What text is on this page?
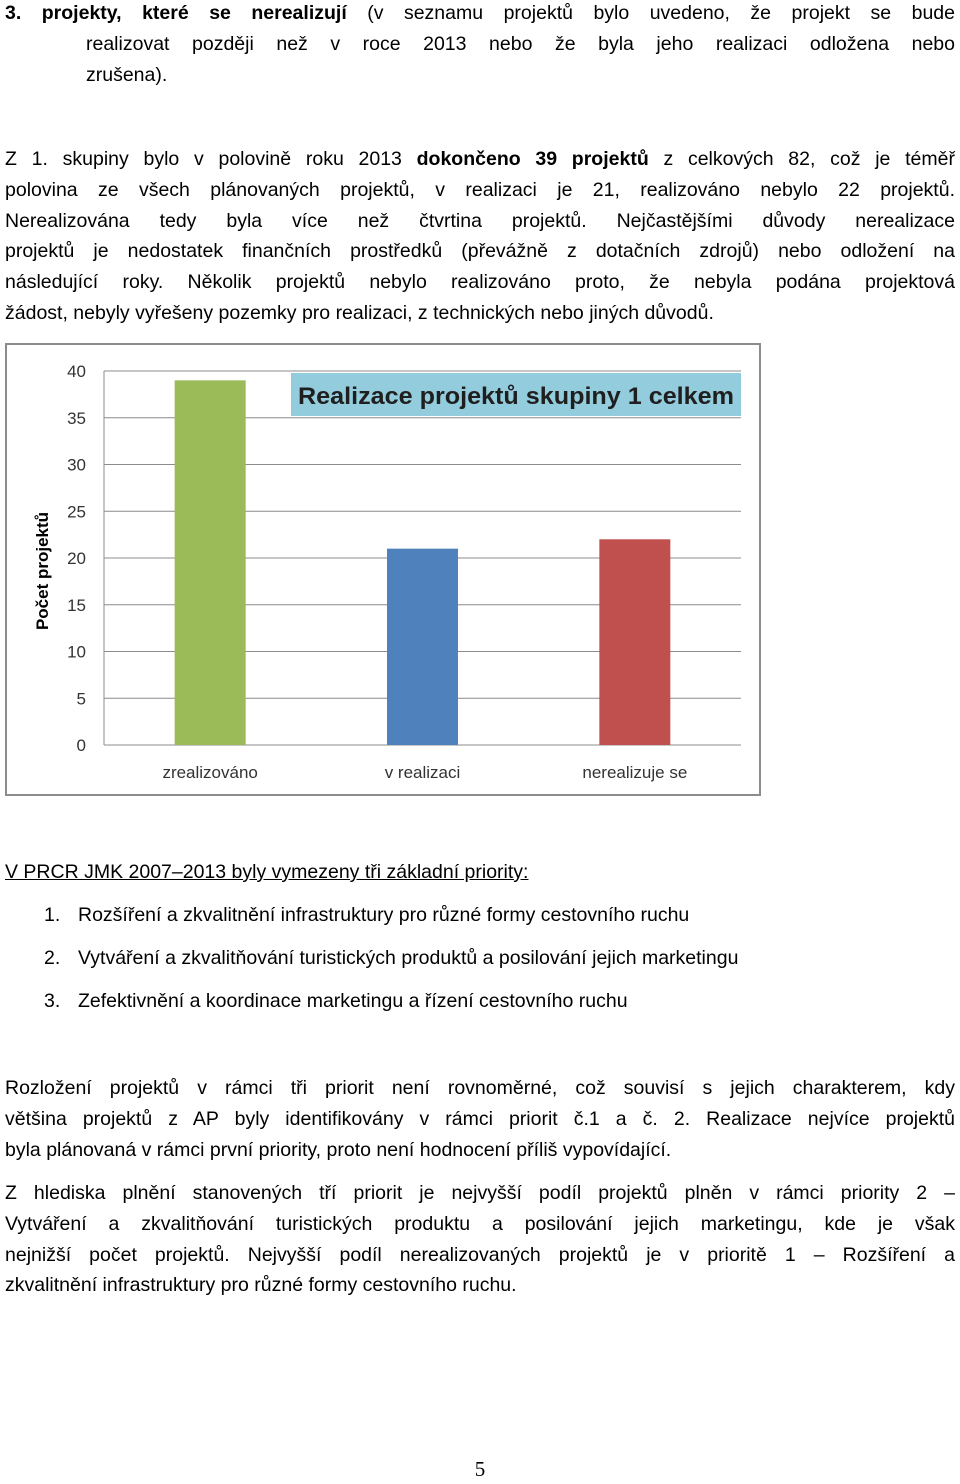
3. projekty, které se nerealizují (v seznamu projektů bylo uvedeno, že projekt se bude
realizovat později než v roce 2013 nebo že byla jeho realizaci odložena nebo
zrušena).
Z 1. skupiny bylo v polovině roku 2013 dokončeno 39 projektů z celkových 82, což je téměř
polovina ze všech plánovaných projektů, v realizaci je 21, realizováno nebylo 22 projektů.
Nerealizována tedy byla více než čtvrtina projektů. Nejčastějšími důvody nerealizace
projektů je nedostatek finančních prostředků (převážně z dotačních zdrojů) nebo odložení na
následující roky. Několik projektů nebylo realizováno proto, že nebyla podána projektová
žádost, nebyly vyřešeny pozemky pro realizaci, z technických nebo jiných důvodů.
0
5
10
15
20
25
30
35
40
zrealizováno	v realizaci	nerealizuje se
Počet projektů
Realizace projektů skupiny 1 celkem
V PRCR JMK 2007–2013 byly vymezeny tři základní priority:
1. Rozšíření a zkvalitnění infrastruktury pro různé formy cestovního ruchu
2. Vytváření a zkvalitňování turistických produktů a posilování jejich marketingu
3. Zefektivnění a koordinace marketingu a řízení cestovního ruchu
Rozložení projektů v rámci tři priorit není rovnoměrné, což souvisí s jejich charakterem, kdy
většina projektů z AP byly identifikovány v rámci priorit č.1 a č. 2. Realizace nejvíce projektů
byla plánovaná v rámci první priority, proto není hodnocení příliš vypovídající.
Z hlediska plnění stanovených tří priorit je nejvyšší podíl projektů plněn v rámci priority 2 –
Vytváření a zkvalitňování turistických produktu a posilování jejich marketingu, kde je však
nejnižší počet projektů. Nejvyšší podíl nerealizovaných projektů je v prioritě 1 – Rozšíření a
zkvalitnění infrastruktury pro různé formy cestovního ruchu.
5
